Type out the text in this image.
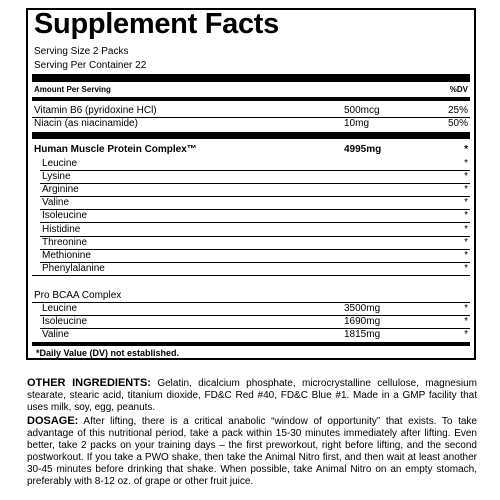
Supplement Facts
Serving Size 2 Packs
Serving Per Container 22
Amount Per Serving	%DV
*Daily Value (DV) not established.
Vitamin B6 (pyridoxine HCl)	500mcg	25%
Niacin (as niacinamide)	10mg	50%
Human Muscle Protein Complex™	4995mg	*
Leucine	*
Lysine	*
Arginine	*
Valine	*
Isoleucine	*
Histidine	*
Threonine	*
Methionine	*
Phenylalanine	*
Pro BCAA Complex
Leucine	3500mg	*
Isoleucine	1690mg	*
Valine	1815mg	*
OTHER INGREDIENTS: Gelatin, dicalcium phosphate, microcrystalline cellulose, magnesium stearate, stearic acid, titanium dioxide, FD&C Red #40, FD&C Blue #1. Made in a GMP facility that uses milk, soy, egg, peanuts.
DOSAGE: After lifting, there is a critical anabolic “window of opportunity” that exists. To take advantage of this nutritional period, take a pack within 15-30 minutes immediately after lifting. Even better, take 2 packs on your training days – the first preworkout, right before lifting, and the second postworkout. If you take a PWO shake, then take the Animal Nitro first, and then wait at least another 30-45 minutes before drinking that shake. When possible, take Animal Nitro on an empty stomach, preferably with 8-12 oz. of grape or other fruit juice.
